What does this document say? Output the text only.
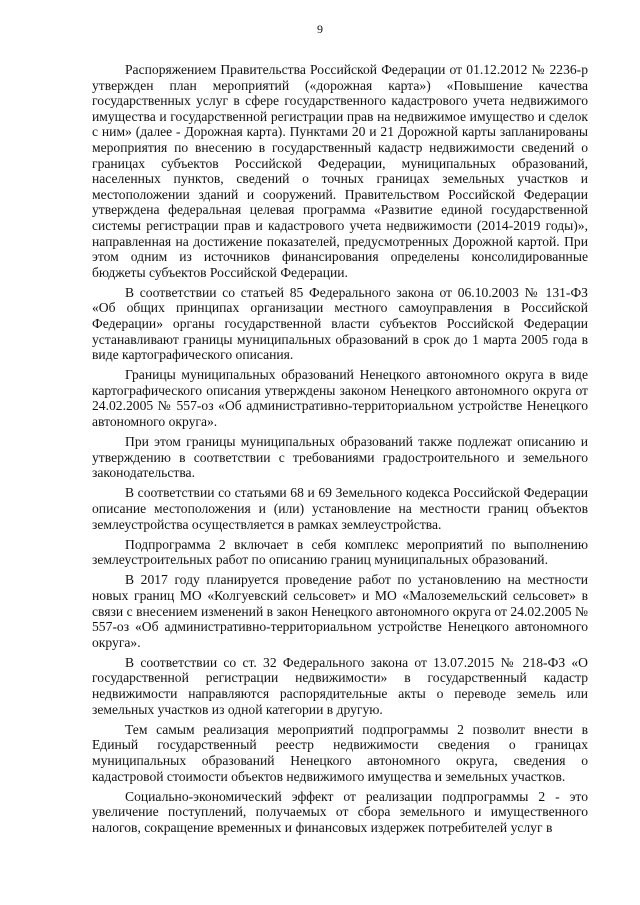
9

Распоряжением Правительства Российской Федерации от 01.12.2012 № 2236-р утвержден план мероприятий («дорожная карта») «Повышение качества государственных услуг в сфере государственного кадастрового учета недвижимого имущества и государственной регистрации прав на недвижимое имущество и сделок с ним» (далее - Дорожная карта). Пунктами 20 и 21 Дорожной карты запланированы мероприятия по внесению в государственный кадастр недвижимости сведений о границах субъектов Российской Федерации, муниципальных образований, населенных пунктов, сведений о точных границах земельных участков и местоположении зданий и сооружений. Правительством Российской Федерации утверждена федеральная целевая программа «Развитие единой государственной системы регистрации прав и кадастрового учета недвижимости (2014-2019 годы)», направленная на достижение показателей, предусмотренных Дорожной картой. При этом одним из источников финансирования определены консолидированные бюджеты субъектов Российской Федерации.

В соответствии со статьей 85 Федерального закона от 06.10.2003 № 131-ФЗ «Об общих принципах организации местного самоуправления в Российской Федерации» органы государственной власти субъектов Российской Федерации устанавливают границы муниципальных образований в срок до 1 марта 2005 года в виде картографического описания.

Границы муниципальных образований Ненецкого автономного округа в виде картографического описания утверждены законом Ненецкого автономного округа от 24.02.2005 № 557-оз «Об административно-территориальном устройстве Ненецкого автономного округа».

При этом границы муниципальных образований также подлежат описанию и утверждению в соответствии с требованиями градостроительного и земельного законодательства.

В соответствии со статьями 68 и 69 Земельного кодекса Российской Федерации описание местоположения и (или) установление на местности границ объектов землеустройства осуществляется в рамках землеустройства.

Подпрограмма 2 включает в себя комплекс мероприятий по выполнению землеустроительных работ по описанию границ муниципальных образований.

В 2017 году планируется проведение работ по установлению на местности новых границ МО «Колгуевский сельсовет» и МО «Малоземельский сельсовет» в связи с внесением изменений в закон Ненецкого автономного округа от 24.02.2005 № 557-оз «Об административно-территориальном устройстве Ненецкого автономного округа».

В соответствии со ст. 32 Федерального закона от 13.07.2015 № 218-ФЗ «О государственной регистрации недвижимости» в государственный кадастр недвижимости направляются распорядительные акты о переводе земель или земельных участков из одной категории в другую.

Тем самым реализация мероприятий подпрограммы 2 позволит внести в Единый государственный реестр недвижимости сведения о границах муниципальных образований Ненецкого автономного округа, сведения о кадастровой стоимости объектов недвижимого имущества и земельных участков.

Социально-экономический эффект от реализации подпрограммы 2 - это увеличение поступлений, получаемых от сбора земельного и имущественного налогов, сокращение временных и финансовых издержек потребителей услуг в
